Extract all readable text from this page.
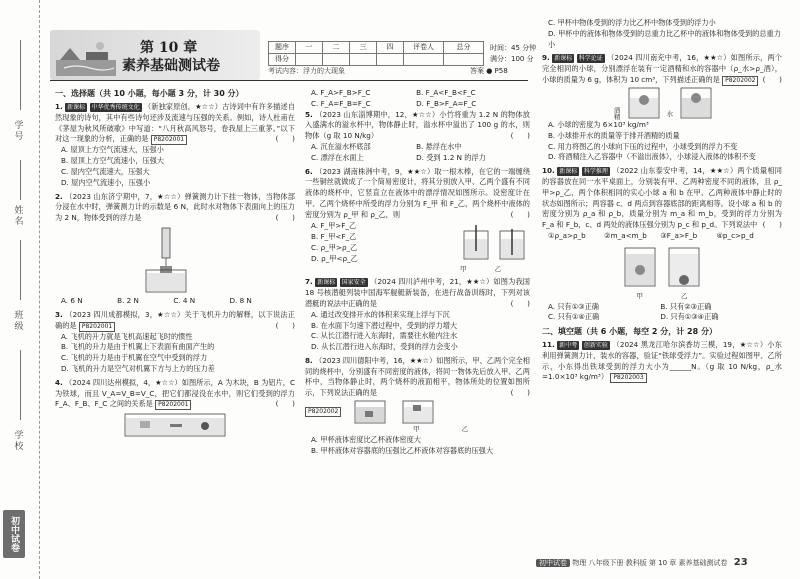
学号
姓名
班级
学校
初中试卷
第 10 章
素养基础测试卷
题序	一	二	三	四	评卷人	总分
得分						
时间：45 分钟
满分：100 分
考试内容：浮力的大现象	答案 ● P58
一、选择题（共 10 小题，每小题 3 分，计 30 分）
1. 新课标 中华优秀传统文化 （新独家原创，★☆☆）古诗词中有许多描述自然现象的诗句，其中有些诗句还涉及流速与压强的关系。例如，诗人杜甫在《茅屋为秋风所破歌》中写道：“八月秋高风怒号，卷我屋上三重茅。”以下对这一现象的分析，正确的是 P8202001	(      )
A. 屋顶上方空气流速大，压强小
B. 屋顶上方空气流速小，压强大
C. 屋内空气流速大，压强大
D. 屋内空气流速小，压强小
2. （2023 山东济宁期中，7，★☆☆）弹簧测力计下挂一物体，当物体部分浸在水中时，弹簧测力计的示数是 6 N，此时水对物体下表面向上的压力为 2 N，物体受到的浮力是	(      )
A. 6 N	B. 2 N	C. 4 N	D. 8 N
3. （2023 四川成都模拟，3，★☆☆）关于飞机升力的解释，以下说法正确的是 P8202001	(      )
A. 飞机的升力就是飞机高速起飞时的惯性
B. 飞机的升力是由于机翼上下表面有曲面产生的
C. 飞机的升力是由于机翼在空气中受到的浮力
D. 飞机的升力是空气对机翼下方与上方的压力差
4. （2024 四川达州模拟，4，★☆☆）如图所示，A 为木块，B 为铝片，C 为铁球，而且 V_A=V_B=V_C，把它们都浸没在水中，则它们受到的浮力 F_A、F_B、F_C 之间的关系是 P8202001	(      )
A. F_A>F_B>F_C	B. F_A<F_B<F_C C. F_A=F_B=F_C	D. F_B>F_A=F_C
5. （2023 山东淄博期中，12，★☆☆）小竹将重为 1.2 N 的物体放入盛满水的溢水杯中，物体静止时，溢水杯中溢出了 100 g 的水，则物体（g 取 10 N/kg）	(      )
A. 沉在溢水杯底部	B. 悬浮在水中 C. 漂浮在水面上	D. 受到 1.2 N 的浮力
6. （2023 湖南株洲中考，9，★★☆）取一根木棒，在它的一端缠绕一些铜丝就做成了一个简易密度计，将其分别放入甲、乙两个盛有不同液体的烧杯中，它竖直立在液体中的漂浮情况如图所示。设密度计在甲、乙两个烧杯中所受的浮力分别为 F_甲 和 F_乙，两个烧杯中液体的密度分别为 ρ_甲 和 ρ_乙，则	(      )
A. F_甲>F_乙
B. F_甲<F_乙
C. ρ_甲>ρ_乙
D. ρ_甲<ρ_乙
甲	乙
7. 新课标 国家安全 （2024 四川泸州中考，21，★★☆）如图为我国 18 号核潜艇列装中国海军舰艇新装备，在进行战备训练时，下列对该潜艇的说法中正确的是	(      )
A. 通过改变排开水的体积来实现上浮与下沉
B. 在水面下匀速下潜过程中，受到的浮力增大
C. 从长江潜行进入东海时，需要往水舱内注水
D. 从长江潜行进入东海时，受到的浮力会变小
8. （2023 四川德阳中考，16，★★☆）如图所示，甲、乙两个完全相同的烧杯中，分别盛有不同密度的液体，将同一物体先后放入甲、乙两杯中，当物体静止时，两个烧杯的液面相平，物体所处的位置如图所示，下列说法正确的是	(      )
P8202002
甲	乙
A. 甲杯液体密度比乙杯液体密度大
B. 甲杯液体对容器底的压强比乙杯液体对容器底的压强大
C. 甲杯中物体受到的浮力比乙杯中物体受到的浮力小
D. 甲杯中的液体和物体受到的总重力比乙杯中的液体和物体受到的总重力小
9. 新课标 科学论证 （2024 四川南充中考，16，★★☆）如图所示，两个完全相同的小球，分别漂浮在装有一定酒精和水的容器中（ρ_水>ρ_酒），小球的质量为 6 g，体积为 10 cm³，下列描述正确的是 P8202002 (      )
酒精	水
A. 小球的密度为 6×10³ kg/m³
B. 小球排开水的质量等于排开酒精的质量
C. 用力将图乙的小球向下压的过程中，小球受到的浮力不变
D. 将酒精注入乙容器中（不溢出液体），小球浸入液体的体积不变
10. 新课标 科学推理 （2022 山东泰安中考，14，★★☆）两个质量相同的容器放在同一水平桌面上，分别装有甲、乙两种密度不同的液体，且 ρ_甲>ρ_乙，两个体积相同的实心小球 a 和 b 在甲、乙两种液体中静止时的状态如图所示；两容器 c、d 两点到容器底部的距离相等。设小球 a 和 b 的密度分别为 ρ_a 和 ρ_b，质量分别为 m_a 和 m_b，受到的浮力分别为 F_a 和 F_b，c、d 两处的液体压强分别为 p_c 和 p_d。下列说法中 (      )
①ρ_a>ρ_b	②m_a<m_b ③F_a>F_b	④p_c>p_d
甲	乙
A. 只有①③正确	B. 只有②③正确 C. 只有①④正确	D. 只有①③④正确
二、填空题（共 6 小题，每空 2 分，计 28 分）
11. 新中考 创新实验 （2024 黑龙江哈尔滨香坊三模，19，★☆☆）小东利用弹簧测力计、装水的容器，验证“铁球受浮力”。实验过程如图甲、乙所示，小东得出铁球受到的浮力大小为______N。（g 取 10 N/kg，ρ_水=1.0×10³ kg/m³） P8202003
初中试卷 物理 八年级下册 教科版 第 10 章 素养基础测试卷 23
